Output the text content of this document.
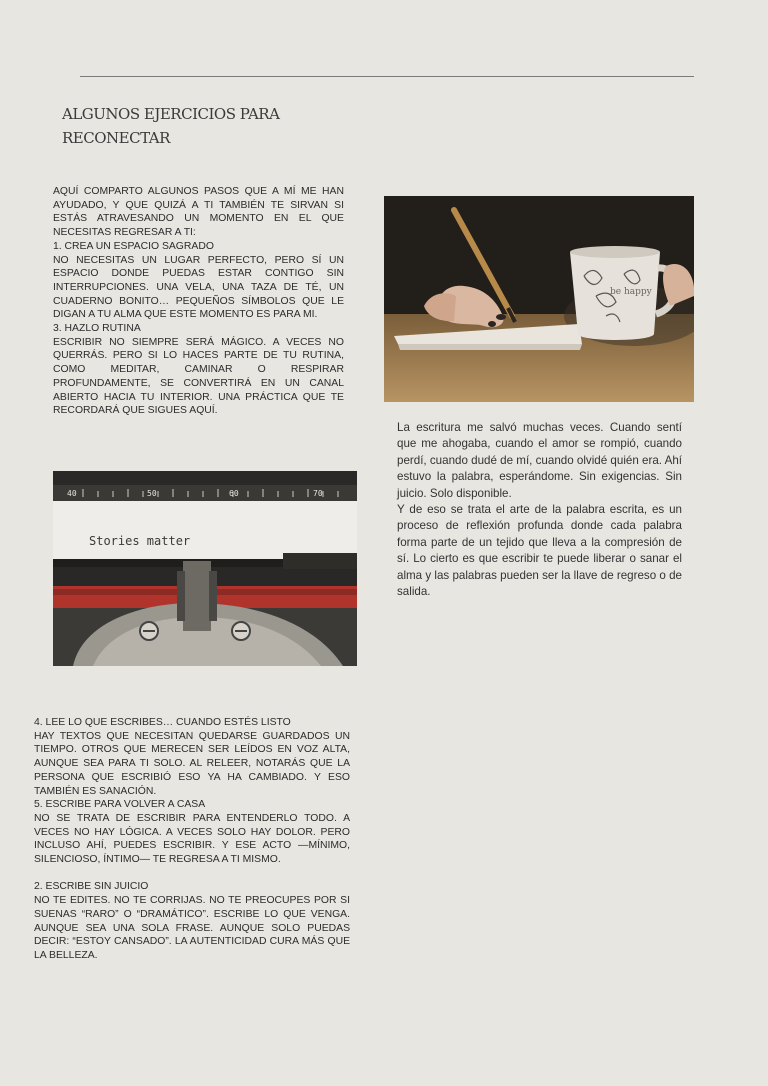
ALGUNOS EJERCICIOS PARA RECONECTAR

AQUÍ COMPARTO ALGUNOS PASOS QUE A MÍ ME HAN AYUDADO, Y QUE QUIZÁ A TI TAMBIÉN TE SIRVAN SI ESTÁS ATRAVESANDO UN MOMENTO EN EL QUE NECESITAS REGRESAR A TI:

1. CREA UN ESPACIO SAGRADO

NO NECESITAS UN LUGAR PERFECTO, PERO SÍ UN ESPACIO DONDE PUEDAS ESTAR CONTIGO SIN INTERRUPCIONES. UNA VELA, UNA TAZA DE TÉ, UN CUADERNO BONITO… PEQUEÑOS SÍMBOLOS QUE LE DIGAN A TU ALMA QUE ESTE MOMENTO ES PARA MI.

3. HAZLO RUTINA

ESCRIBIR NO SIEMPRE SERÁ MÁGICO. A VECES NO QUERRÁS. PERO SI LO HACES PARTE DE TU RUTINA, COMO MEDITAR, CAMINAR O RESPIRAR PROFUNDAMENTE, SE CONVERTIRÁ EN UN CANAL ABIERTO HACIA TU INTERIOR. UNA PRÁCTICA QUE TE RECORDARÁ QUE SIGUES AQUÍ.

be happy

La escritura me salvó muchas veces. Cuando sentí que me ahogaba, cuando el amor se rompió, cuando perdí, cuando dudé de mí, cuando olvidé quién era. Ahí estuvo la palabra, esperándome. Sin exigencias. Sin juicio. Solo disponible.

Y de eso se trata el arte de la palabra escrita, es un proceso de reflexión profunda donde cada palabra forma parte de un tejido que lleva a la compresión de sí. Lo cierto es que escribir te puede liberar o sanar el alma y las palabras pueden ser la llave de regreso o de salida.

40	50	60	70
Stories matter

4. LEE LO QUE ESCRIBES… CUANDO ESTÉS LISTO

HAY TEXTOS QUE NECESITAN QUEDARSE GUARDADOS UN TIEMPO. OTROS QUE MERECEN SER LEÍDOS EN VOZ ALTA, AUNQUE SEA PARA TI SOLO. AL RELEER, NOTARÁS QUE LA PERSONA QUE ESCRIBIÓ ESO YA HA CAMBIADO. Y ESO TAMBIÉN ES SANACIÓN.

5. ESCRIBE PARA VOLVER A CASA

NO SE TRATA DE ESCRIBIR PARA ENTENDERLO TODO. A VECES NO HAY LÓGICA. A VECES SOLO HAY DOLOR. PERO INCLUSO AHÍ, PUEDES ESCRIBIR. Y ESE ACTO —MÍNIMO, SILENCIOSO, ÍNTIMO— TE REGRESA A TI MISMO.

2. ESCRIBE SIN JUICIO

NO TE EDITES. NO TE CORRIJAS. NO TE PREOCUPES POR SI SUENAS “RARO” O “DRAMÁTICO”. ESCRIBE LO QUE VENGA. AUNQUE SEA UNA SOLA FRASE. AUNQUE SOLO PUEDAS DECIR: “ESTOY CANSADO”. LA AUTENTICIDAD CURA MÁS QUE LA BELLEZA.
